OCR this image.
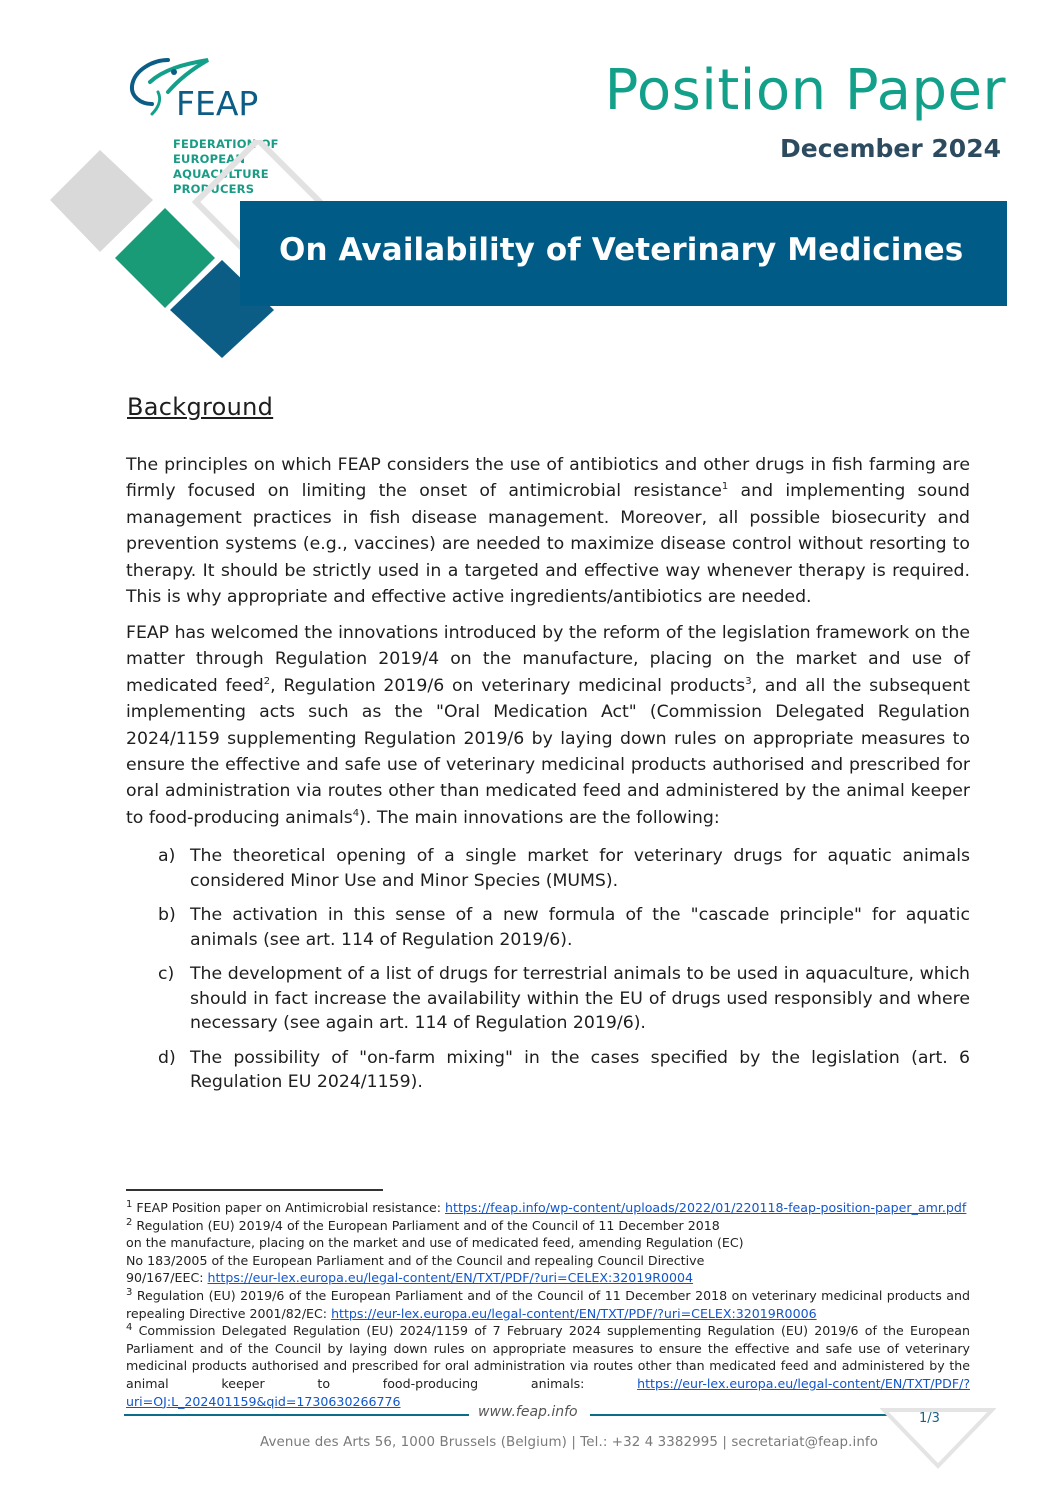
FEAP
FEDERATION OF
EUROPEAN
AQUACULTURE
PRODUCERS
Position Paper
December 2024
On Availability of Veterinary Medicines
Background
The principles on which FEAP considers the use of antibiotics and other drugs in fish farming are firmly focused on limiting the onset of antimicrobial resistance$^1$ and implementing sound management practices in fish disease management. Moreover, all possible biosecurity and prevention systems (e.g., vaccines) are needed to maximize disease control without resorting to therapy. It should be strictly used in a targeted and effective way whenever therapy is required. This is why appropriate and effective active ingredients/antibiotics are needed.
FEAP has welcomed the innovations introduced by the reform of the legislation framework on the matter through Regulation 2019/4 on the manufacture, placing on the market and use of medicated feed$^2$, Regulation 2019/6 on veterinary medicinal products$^3$, and all the subsequent implementing acts such as the "Oral Medication Act" (Commission Delegated Regulation 2024/1159 supplementing Regulation 2019/6 by laying down rules on appropriate measures to ensure the effective and safe use of veterinary medicinal products authorised and prescribed for oral administration via routes other than medicated feed and administered by the animal keeper to food-producing animals$^4$). The main innovations are the following:
a) The theoretical opening of a single market for veterinary drugs for aquatic animals considered Minor Use and Minor Species (MUMS).
b) The activation in this sense of a new formula of the "cascade principle" for aquatic animals (see art. 114 of Regulation 2019/6).
c) The development of a list of drugs for terrestrial animals to be used in aquaculture, which should in fact increase the availability within the EU of drugs used responsibly and where necessary (see again art. 114 of Regulation 2019/6).
d) The possibility of "on-farm mixing" in the cases specified by the legislation (art. 6 Regulation EU 2024/1159).

$^1$ FEAP Position paper on Antimicrobial resistance: https://feap.info/wp-content/uploads/2022/01/220118-feap-position-paper_amr.pdf

$^2$ Regulation (EU) 2019/4 of the European Parliament and of the Council of 11 December 2018
on the manufacture, placing on the market and use of medicated feed, amending Regulation (EC)
No 183/2005 of the European Parliament and of the Council and repealing Council Directive
90/167/EEC: https://eur-lex.europa.eu/legal-content/EN/TXT/PDF/?uri=CELEX:32019R0004

$^3$ Regulation (EU) 2019/6 of the European Parliament and of the Council of 11 December 2018 on veterinary medicinal products and repealing Directive 2001/82/EC: https://eur-lex.europa.eu/legal-content/EN/TXT/PDF/?uri=CELEX:32019R0006

$^4$ Commission Delegated Regulation (EU) 2024/1159 of 7 February 2024 supplementing Regulation (EU) 2019/6 of the European Parliament and of the Council by laying down rules on appropriate measures to ensure the effective and safe use of veterinary medicinal products authorised and prescribed for oral administration via routes other than medicated feed and administered by the animal keeper to food-producing animals: https://eur-lex.europa.eu/legal-content/EN/TXT/PDF/?uri=OJ:L_202401159&qid=1730630266776

www.feap.info
Avenue des Arts 56, 1000 Brussels (Belgium) | Tel.: +32 4 3382995 | secretariat@feap.info
1/3
